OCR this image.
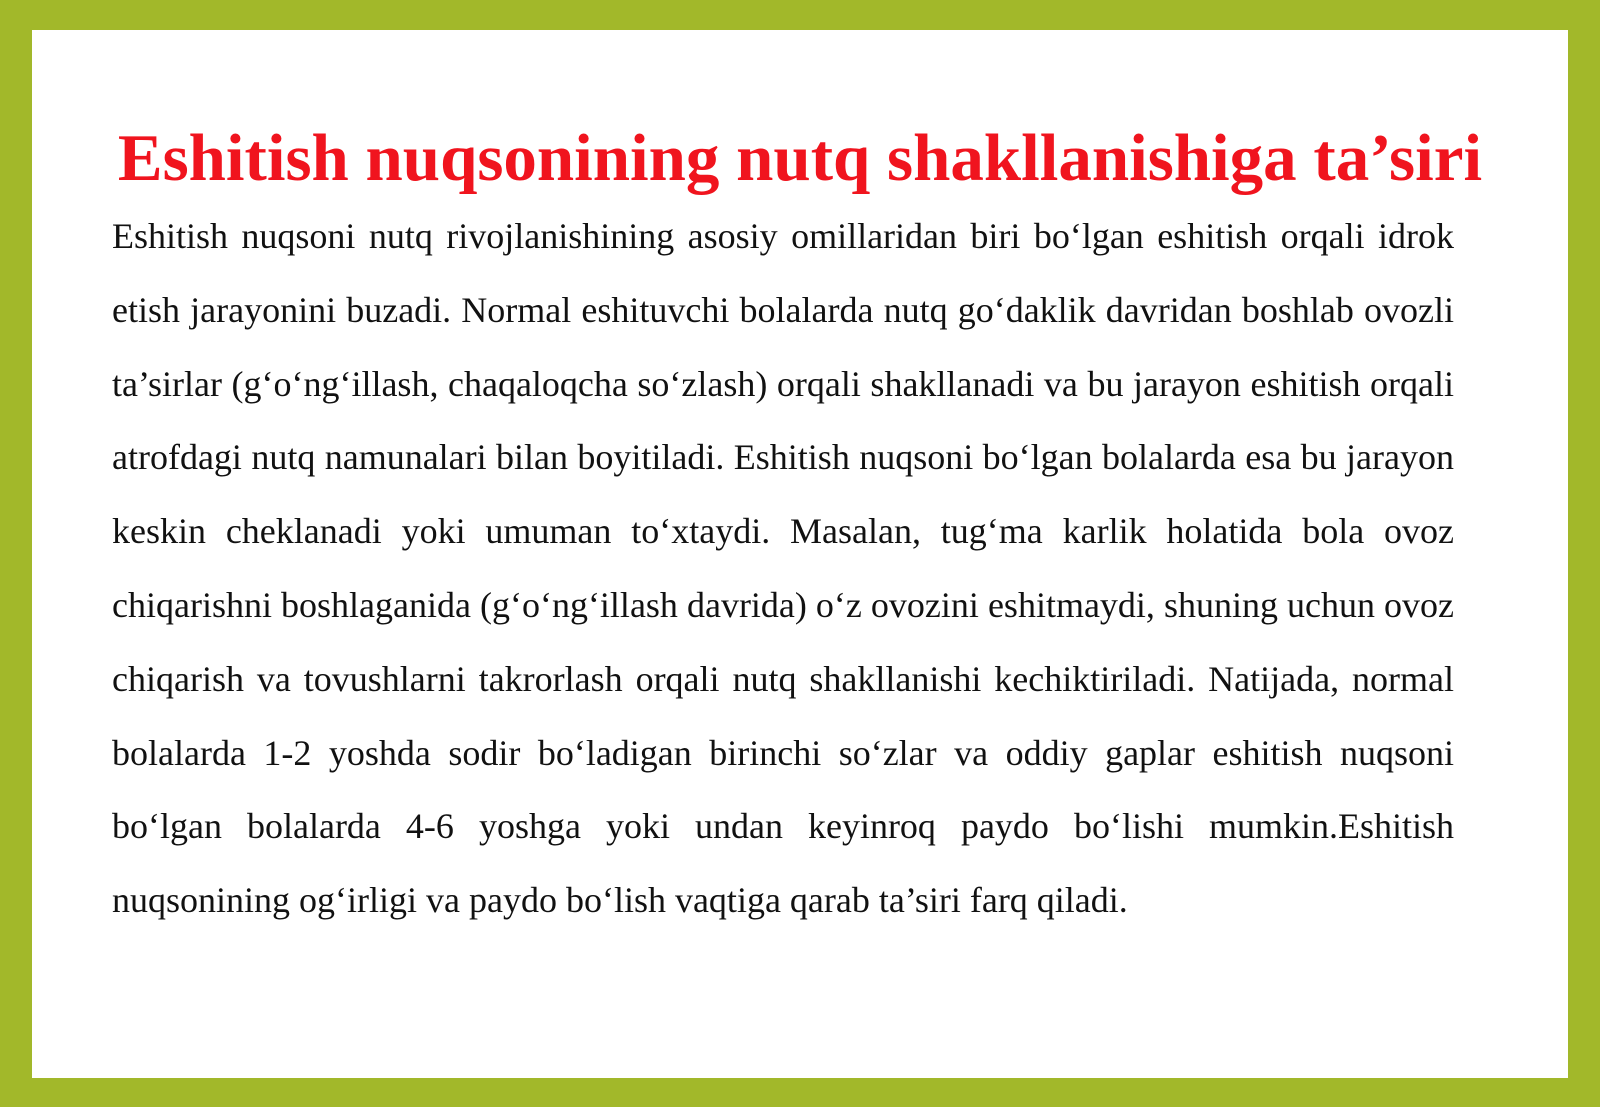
Eshitish nuqsonining nutq shakllanishiga ta’siri

Eshitish nuqsoni nutq rivojlanishining asosiy omillaridan biri bo‘lgan eshitish orqali idrok etish jarayonini buzadi. Normal eshituvchi bolalarda nutq go‘daklik davridan boshlab ovozli ta’sirlar (g‘o‘ng‘illash, chaqaloqcha so‘zlash) orqali shakllanadi va bu jarayon eshitish orqali atrofdagi nutq namunalari bilan boyitiladi. Eshitish nuqsoni bo‘lgan bolalarda esa bu jarayon keskin cheklanadi yoki umuman to‘xtaydi. Masalan, tug‘ma karlik holatida bola ovoz chiqarishni boshlaganida (g‘o‘ng‘illash davrida) o‘z ovozini eshitmaydi, shuning uchun ovoz chiqarish va tovushlarni takrorlash orqali nutq shakllanishi kechiktiriladi. Natijada, normal bolalarda 1-2 yoshda sodir bo‘ladigan birinchi so‘zlar va oddiy gaplar eshitish nuqsoni bo‘lgan bolalarda 4-6 yoshga yoki undan keyinroq paydo bo‘lishi mumkin.Eshitish nuqsonining og‘irligi va paydo bo‘lish vaqtiga qarab ta’siri farq qiladi.
